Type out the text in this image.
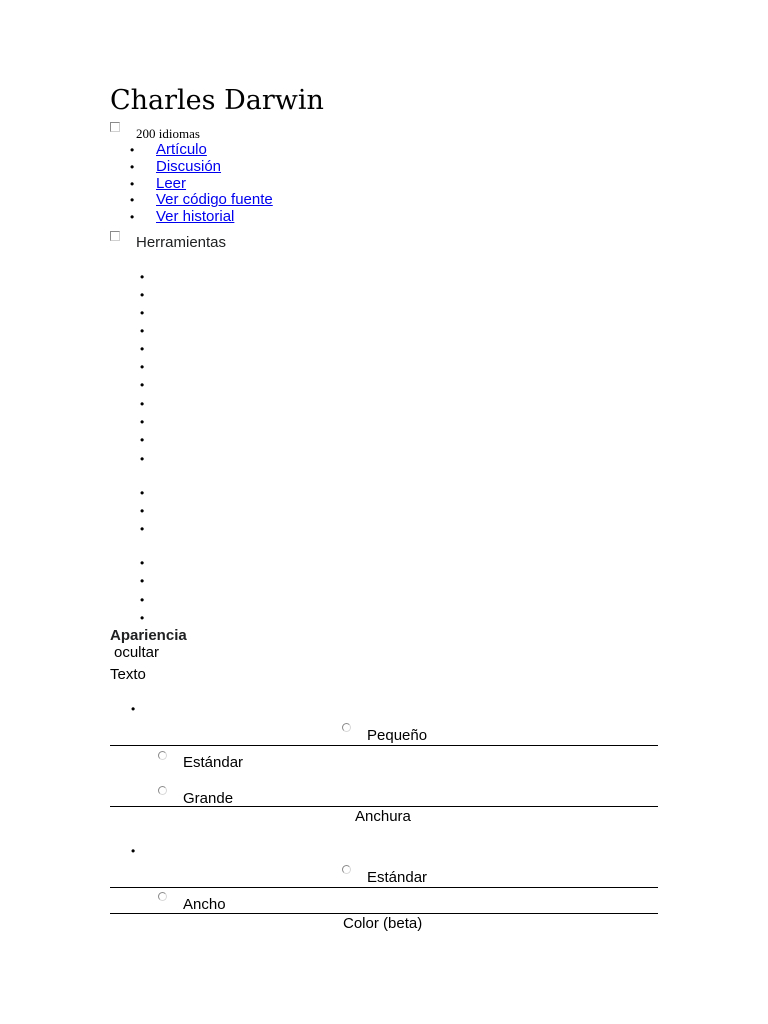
Charles Darwin
200 idiomas
• Artículo
• Discusión
• Leer
• Ver código fuente
• Ver historial
Herramientas
•
•
•
•
•
•
•
•
•
•
•
•
•
•
•
•
•
•
Apariencia
ocultar
Texto
•
Pequeño
Estándar
Grande
Anchura
•
Estándar
Ancho
Color (beta)
